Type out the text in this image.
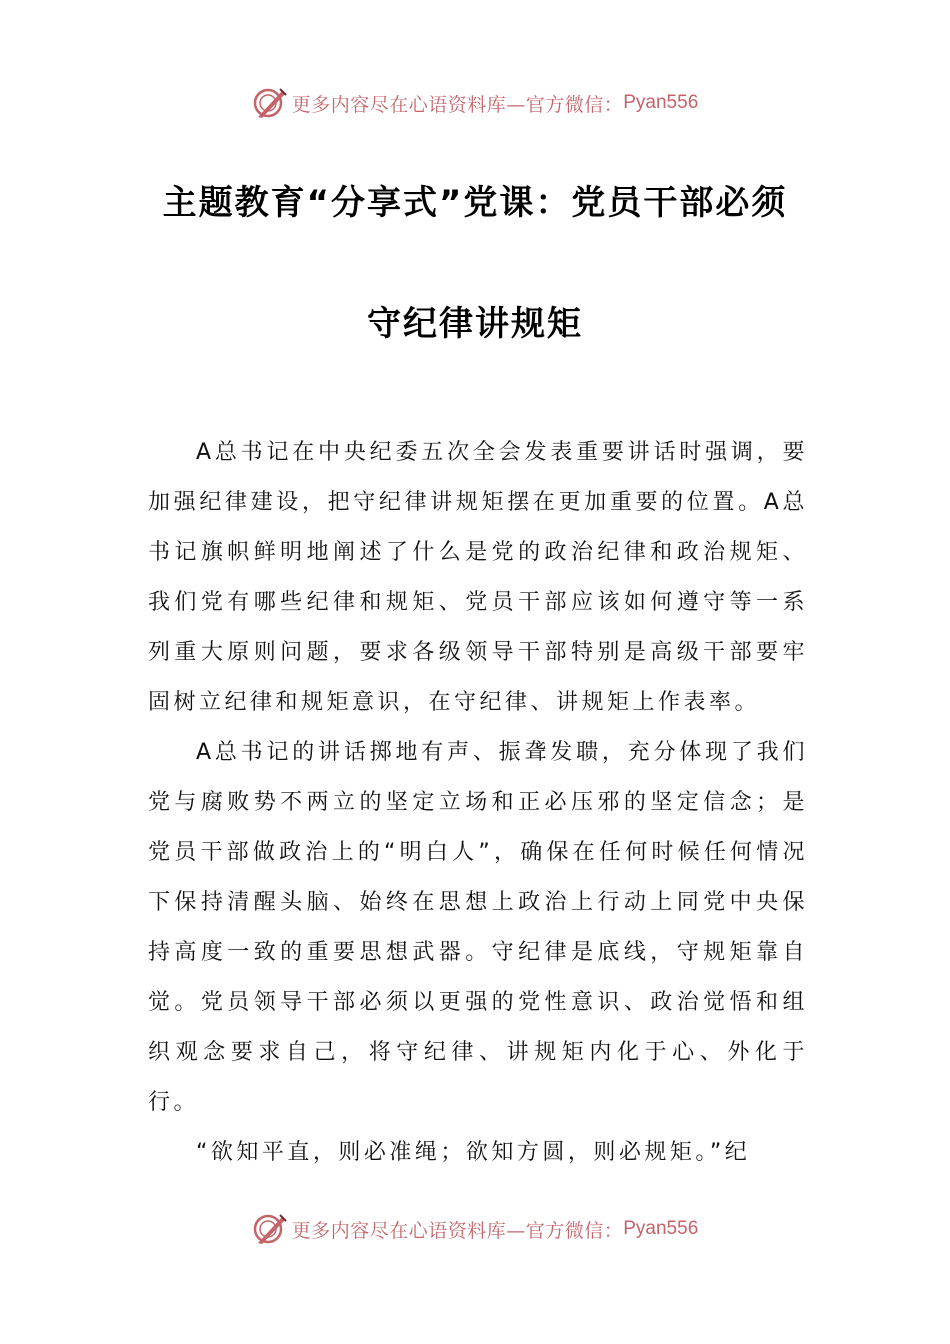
更多内容尽在心语资料库—官方微信： Pyan556
主题教育“分享式”党课：党员干部必须
守纪律讲规矩

A总书记在中央纪委五次全会发表重要讲话时强调，要加强纪律建设，把守纪律讲规矩摆在更加重要的位置。A总书记旗帜鲜明地阐述了什么是党的政治纪律和政治规矩、我们党有哪些纪律和规矩、党员干部应该如何遵守等一系列重大原则问题，要求各级领导干部特别是高级干部要牢固树立纪律和规矩意识，在守纪律、讲规矩上作表率。

A总书记的讲话掷地有声、振聋发聩，充分体现了我们党与腐败势不两立的坚定立场和正必压邪的坚定信念；是党员干部做政治上的“明白人”，确保在任何时候任何情况下保持清醒头脑、始终在思想上政治上行动上同党中央保持高度一致的重要思想武器。守纪律是底线，守规矩靠自觉。党员领导干部必须以更强的党性意识、政治觉悟和组织观念要求自己，将守纪律、讲规矩内化于心、外化于行。

“欲知平直，则必准绳；欲知方圆，则必规矩。”纪

更多内容尽在心语资料库—官方微信： Pyan556
